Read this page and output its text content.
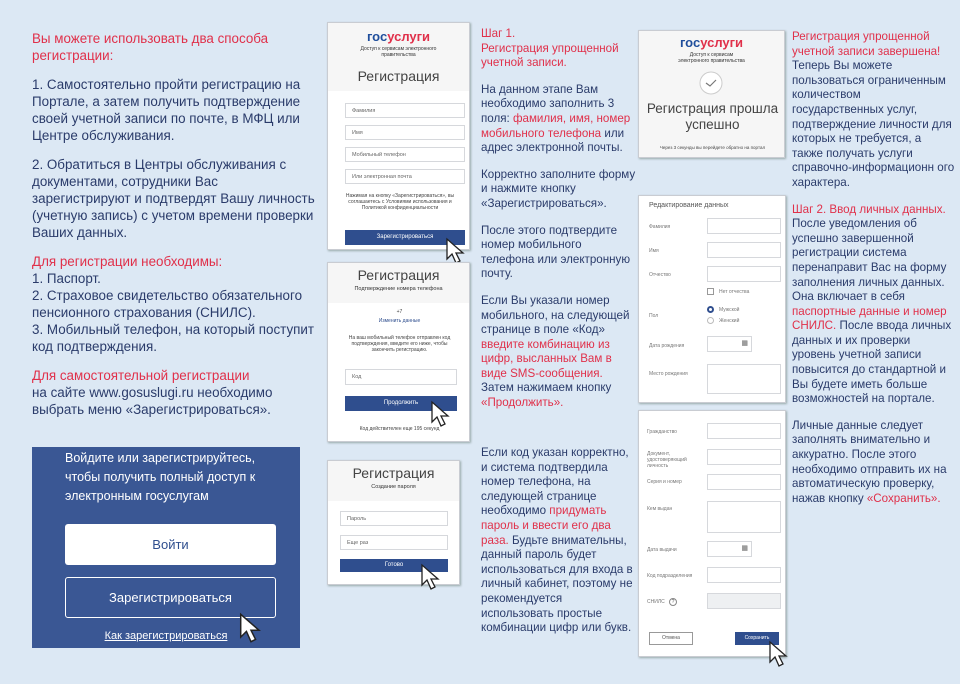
Вы можете использовать два способа регистрации:

1. Самостоятельно пройти регистрацию на Портале, а затем получить подтверждение своей учетной записи по почте, в МФЦ или Центре обслуживания.

2. Обратиться в Центры обслуживания с документами, сотрудники Вас зарегистрируют и подтвердят Вашу личность (учетную запись) с учетом времени проверки Ваших данных.

Для регистрации необходимы:
1. Паспорт.
2. Страховое свидетельство обязательного пенсионного страхования (СНИЛС).
3. Мобильный телефон, на который поступит код подтверждения.

Для самостоятельной регистрации
на сайте www.gosuslugi.ru необходимо выбрать меню «Зарегистрироваться».

Шаг 1.
Регистрация упрощенной учетной записи.

На данном этапе Вам необходимо заполнить 3 поля: фамилия, имя, номер мобильного телефона или адрес электронной почты.

Корректно заполните форму и нажмите кнопку «Зарегистрироваться».

После этого подтвердите номер мобильного телефона или электронную почту.

Если Вы указали номер мобильного, на следующей странице в поле «Код» введите комбинацию из цифр, высланных Вам в виде SMS-сообщения. Затем нажимаем кнопку «Продолжить».

Если код указан корректно, и система подтвердила номер телефона, на следующей странице необходимо придумать пароль и ввести его два раза. Будьте внимательны, данный пароль будет использоваться для входа в личный кабинет, поэтому не рекомендуется использовать простые комбинации цифр или букв.

Регистрация упрощенной учетной записи завершена!
Теперь Вы можете пользоваться ограниченным количеством государственных услуг, подтверждение личности для которых не требуется, а также получать услуги справочно-информационн ого характера.

Шаг 2. Ввод личных данных.
После уведомления об успешно завершенной регистрации система перенаправит Вас на форму заполнения личных данных. Она включает в себя паспортные данные и номер СНИЛС. После ввода личных данных и их проверки уровень учетной записи повысится до стандартной и Вы будете иметь больше возможностей на портале.

Личные данные следует заполнять внимательно и аккуратно. После этого необходимо отправить их на автоматическую проверку, нажав кнопку «Сохранить».

госуслуги
Доступ к сервисам электронного правительства
Регистрация
Фамилия
Имя
Мобильный телефон
Или электронная почта
Нажимая на кнопку «Зарегистрироваться», вы соглашаетесь с Условиями использования и Политикой конфиденциальности
Зарегистрироваться
Регистрация
Подтверждение номера телефона
+7
Изменить данные
На ваш мобильный телефон отправлен код подтверждения, введите его ниже, чтобы закончить регистрацию.
Код
Продолжить
Код действителен еще 195 секунд
Регистрация
Создание пароля
Пароль
Еще раз
Готово
госуслуги
Доступ к сервисам электронного правительства
Регистрация прошла успешно
Через 3 секунды вы перейдете обратно на портал
Редактирование данных
Фамилия
Имя
Отчество
Нет отчества
Пол
Мужской
Женский
Дата рождения	▦
Место рождения
Гражданство
Документ, удостоверяющий личность
Серия и номер
Кем выдан
Дата выдачи	▦
Код подразделения
СНИЛС	?
Отмена	Сохранить
Войдите или зарегистрируйтесь, чтобы получить полный доступ к электронным госуслугам
Войти
Зарегистрироваться
Как зарегистрироваться
